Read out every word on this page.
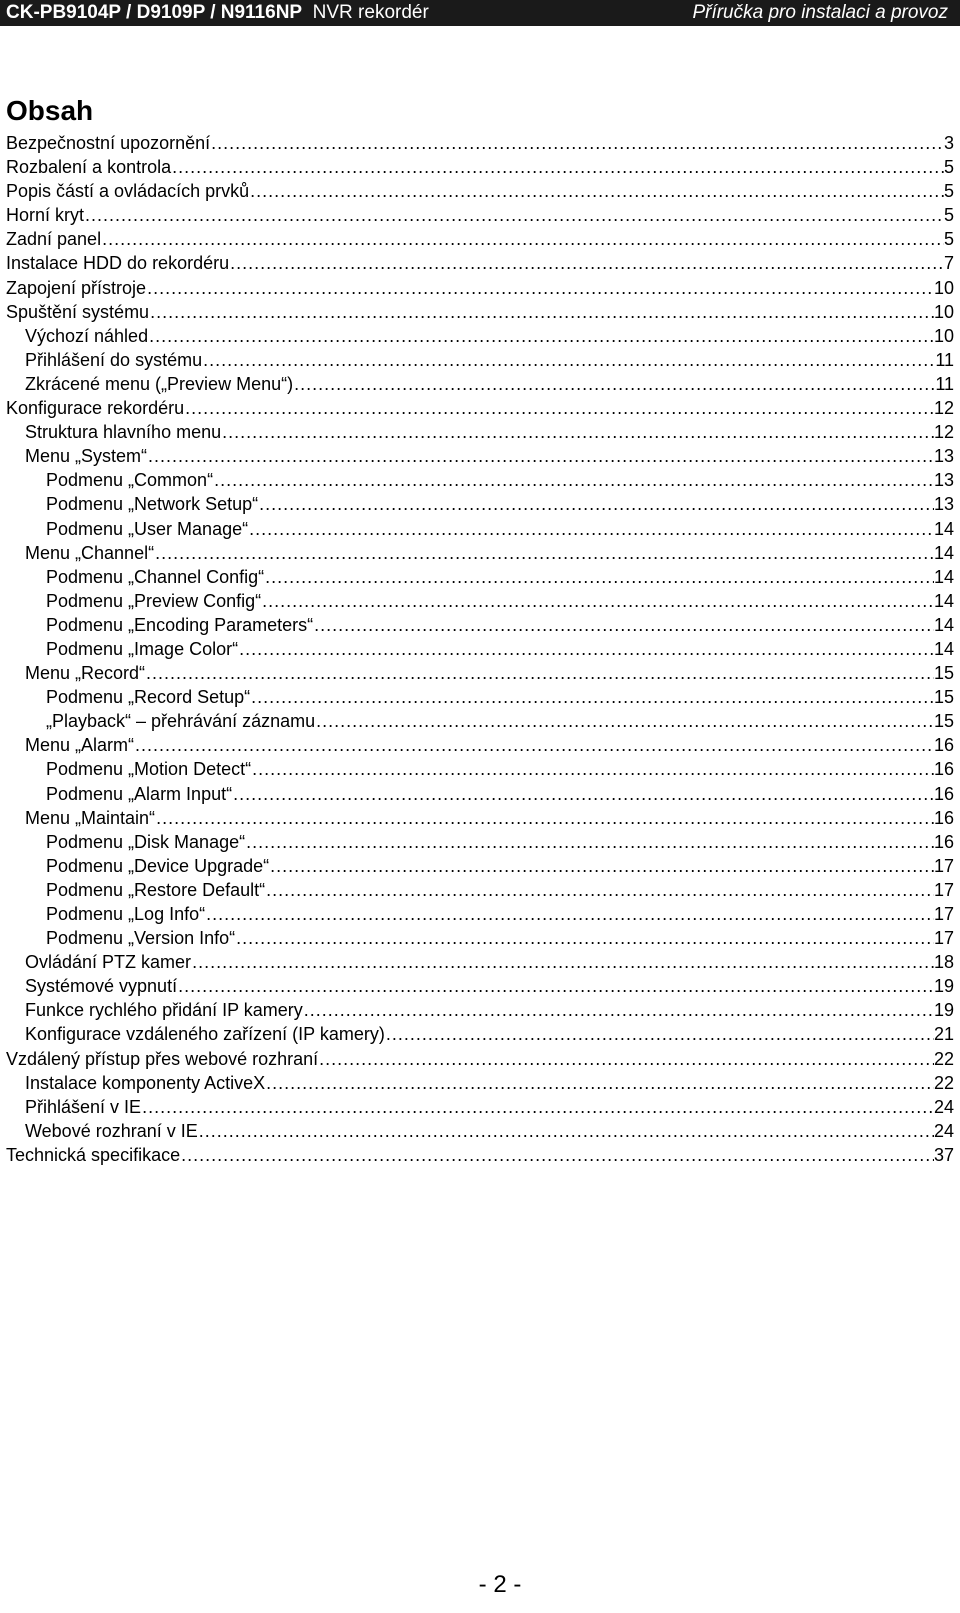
CK-PB9104P / D9109P / N9116NP NVR rekordér	Příručka pro instalaci a provoz
Obsah
Bezpečnostní upozornění .....	3
Rozbalení a kontrola .....	5
Popis částí a ovládacích prvků .....	5
Horní kryt .....	5
Zadní panel .....	5
Instalace HDD do rekordéru .....	7
Zapojení přístroje .....	10
Spuštění systému .....	10
Výchozí náhled .....	10
Přihlášení do systému .....	11
Zkrácené menu („Preview Menu“) .....	11
Konfigurace rekordéru .....	12
Struktura hlavního menu .....	12
Menu „System“ .....	13
Podmenu „Common“ .....	13
Podmenu „Network Setup“ .....	13
Podmenu „User Manage“ .....	14
Menu „Channel“ .....	14
Podmenu „Channel Config“ .....	14
Podmenu „Preview Config“ .....	14
Podmenu „Encoding Parameters“ .....	14
Podmenu „Image Color“ .....	14
Menu „Record“ .....	15
Podmenu „Record Setup“ .....	15
„Playback“ – přehrávání záznamu .....	15
Menu „Alarm“ .....	16
Podmenu „Motion Detect“ .....	16
Podmenu „Alarm Input“ .....	16
Menu „Maintain“ .....	16
Podmenu „Disk Manage“ .....	16
Podmenu „Device Upgrade“ .....	17
Podmenu „Restore Default“ .....	17
Podmenu „Log Info“ .....	17
Podmenu „Version Info“ .....	17
Ovládání PTZ kamer .....	18
Systémové vypnutí .....	19
Funkce rychlého přidání IP kamery .....	19
Konfigurace vzdáleného zařízení (IP kamery) .....	21
Vzdálený přístup přes webové rozhraní .....	22
Instalace komponenty ActiveX .....	22
Přihlášení v IE .....	24
Webové rozhraní v IE .....	24
Technická specifikace .....	37
- 2 -
